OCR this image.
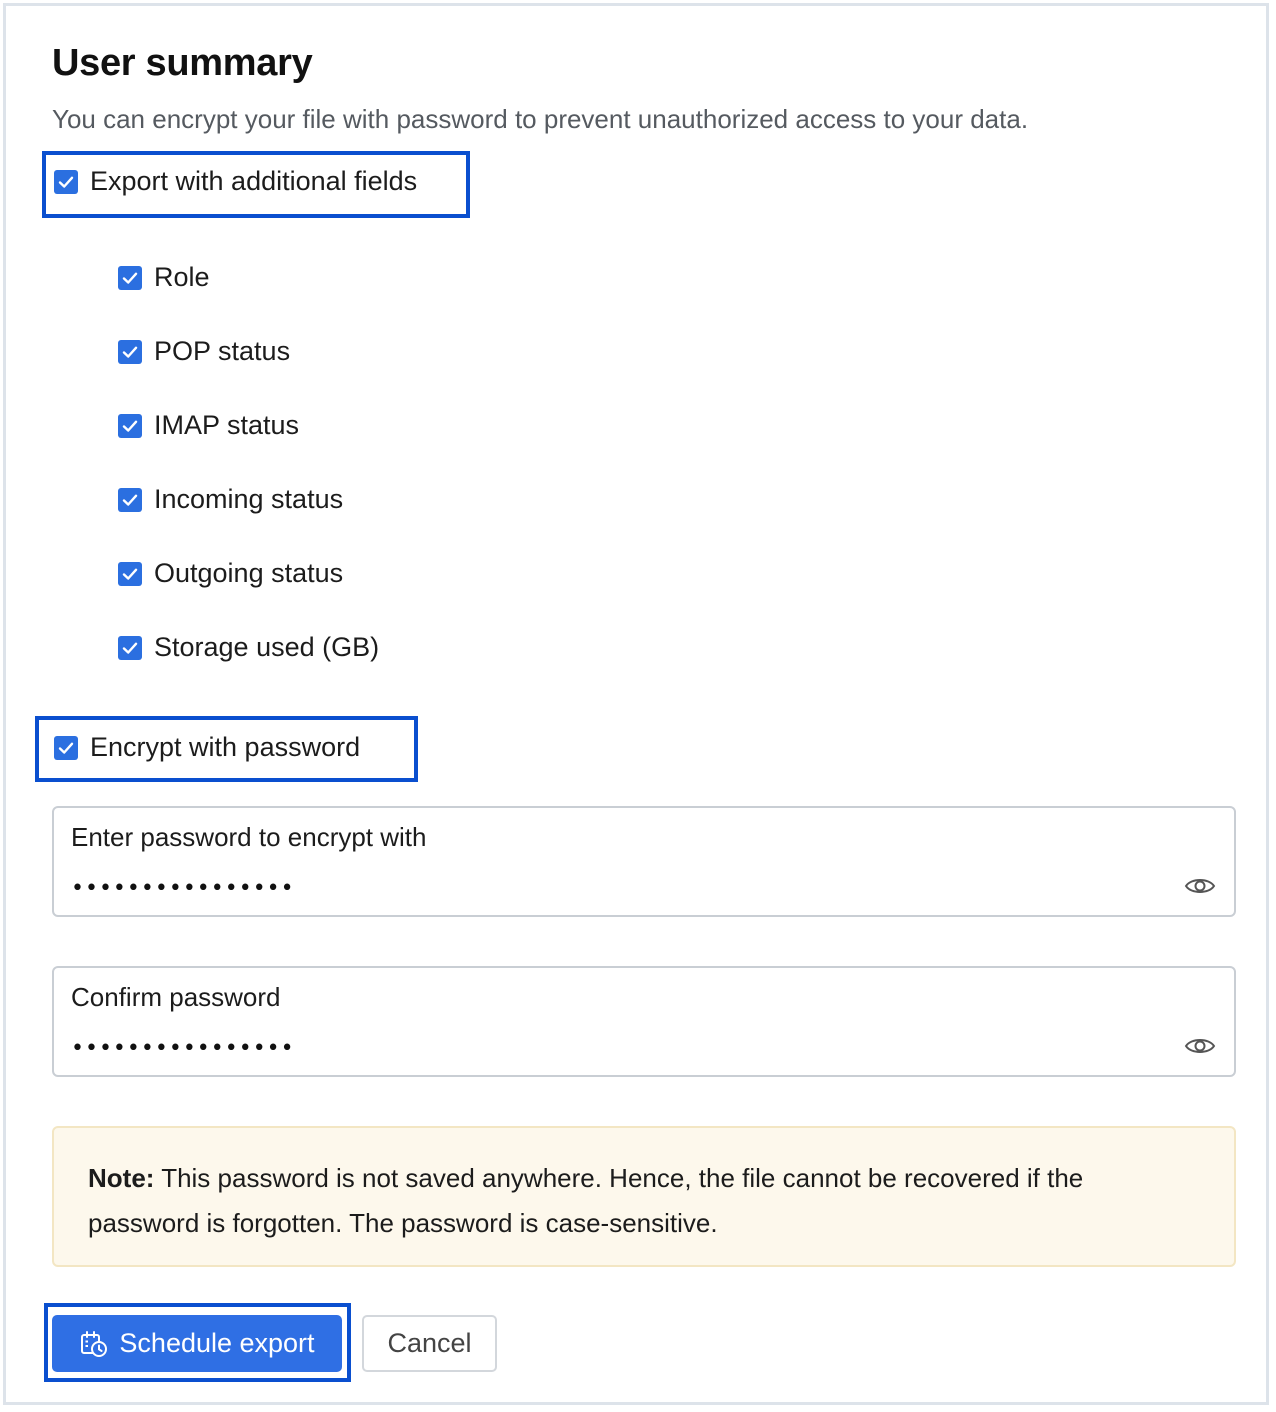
User summary
You can encrypt your file with password to prevent unauthorized access to your data.
Export with additional fields
Role
POP status
IMAP status
Incoming status
Outgoing status
Storage used (GB)
Encrypt with password
Enter password to encrypt with
••••••••••••••••
Confirm password
••••••••••••••••
Note: This password is not saved anywhere. Hence, the file cannot be recovered if the password is forgotten. The password is case-sensitive.
Schedule export	Cancel
